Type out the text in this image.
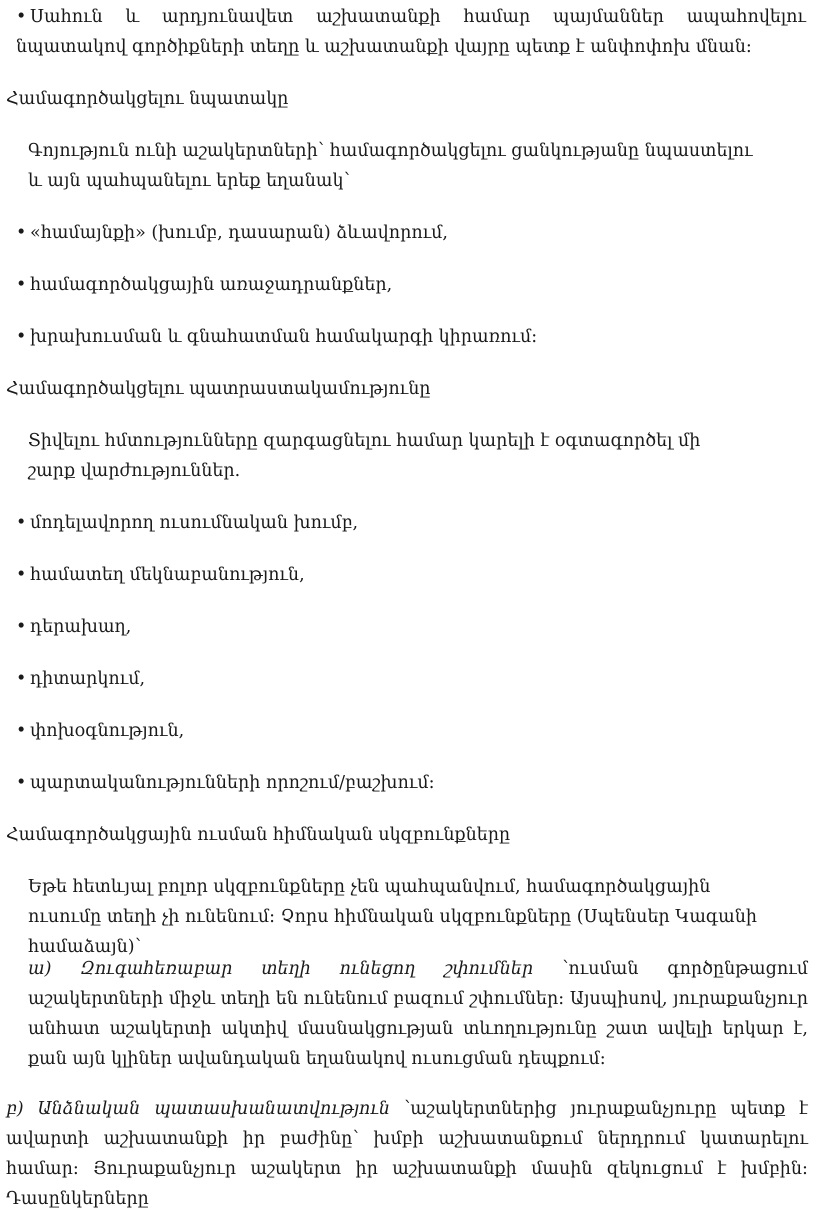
• Սահուն և արդյունավետ աշխատանքի համար պայմաններ ապահովելու նպատակով գործիքների տեղը և աշխատանքի վայրը պետք է անփոփոխ մնան։

Համագործակցելու նպատակը

Գոյություն ունի աշակերտների՝ համագործակցելու ցանկությանը նպաստելու և այն պահպանելու երեք եղանակ՝

• «համայնքի» (խումբ, դասարան) ձևավորում,

• համագործակցային առաջադրանքներ,

• խրախուսման և գնահատման համակարգի կիրառում։

Համագործակցելու պատրաստակամությունը

Տիվելու հմտությունները զարգացնելու համար կարելի է օգտագործել մի շարք վարժություններ.

• մոդելավորող ուսումնական խումբ,

• համատեղ մեկնաբանություն,

• դերախաղ,

• դիտարկում,

• փոխօգնություն,

• պարտականությունների որոշում/բաշխում։

Համագործակցային ուսման հիմնական սկզբունքները

Եթե հետևյալ բոլոր սկզբունքները չեն պահպանվում, համագործակցային ուսումը տեղի չի ունենում։ Չորս հիմնական սկզբունքները (Սպենսեր Կագանի համաձայն)՝

ա) Զուգահեռաբար տեղի ունեցող շփումներ ՝ուսման գործընթացում աշակերտների միջև տեղի են ունենում բազում շփումներ։ Այսպիսով, յուրաքանչյուր անհատ աշակերտի ակտիվ մասնակցության տևողությունը շատ ավելի երկար է, քան այն կլիներ ավանդական եղանակով ուսուցման դեպքում։

բ) Անձնական պատասխանատվություն ՝աշակերտներից յուրաքանչյուրը պետք է ավարտի աշխատանքի իր բաժինը՝ խմբի աշխատանքում ներդրում կատարելու համար։ Յուրաքանչյուր աշակերտ իր աշխատանքի մասին զեկուցում է խմբին։ Դասընկերները
